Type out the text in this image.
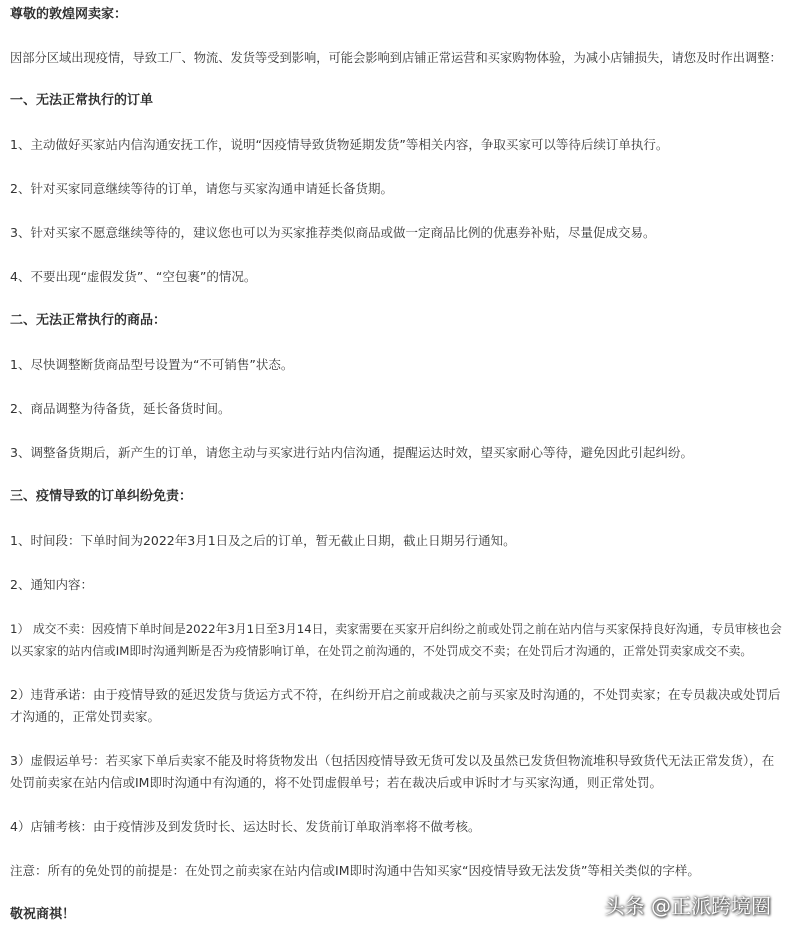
尊敬的敦煌网卖家：
因部分区域出现疫情，导致工厂、物流、发货等受到影响，可能会影响到店铺正常运营和买家购物体验，为减小店铺损失，请您及时作出调整：
一、无法正常执行的订单
1、主动做好买家站内信沟通安抚工作，说明“因疫情导致货物延期发货”等相关内容，争取买家可以等待后续订单执行。
2、针对买家同意继续等待的订单，请您与买家沟通申请延长备货期。
3、针对买家不愿意继续等待的，建议您也可以为买家推荐类似商品或做一定商品比例的优惠券补贴，尽量促成交易。
4、不要出现“虚假发货”、“空包裹”的情况。
二、无法正常执行的商品：
1、尽快调整断货商品型号设置为“不可销售”状态。
2、商品调整为待备货，延长备货时间。
3、调整备货期后，新产生的订单，请您主动与买家进行站内信沟通，提醒运达时效，望买家耐心等待，避免因此引起纠纷。
三、疫情导致的订单纠纷免责：
1、时间段：下单时间为2022年3月1日及之后的订单，暂无截止日期，截止日期另行通知。
2、通知内容：
1） 成交不卖：因疫情下单时间是2022年3月1日至3月14日，卖家需要在买家开启纠纷之前或处罚之前在站内信与买家保持良好沟通，专员审核也会以买家家的站内信或IM即时沟通判断是否为疫情影响订单，在处罚之前沟通的，不处罚成交不卖；在处罚后才沟通的，正常处罚卖家成交不卖。
2）违背承诺：由于疫情导致的延迟发货与货运方式不符，在纠纷开启之前或裁决之前与买家及时沟通的，不处罚卖家；在专员裁决或处罚后才沟通的，正常处罚卖家。
3）虚假运单号：若买家下单后卖家不能及时将货物发出（包括因疫情导致无货可发以及虽然已发货但物流堆积导致货代无法正常发货），在处罚前卖家在站内信或IM即时沟通中有沟通的，将不处罚虚假单号；若在裁决后或申诉时才与买家沟通，则正常处罚。
4）店铺考核：由于疫情涉及到发货时长、运达时长、发货前订单取消率将不做考核。
注意：所有的免处罚的前提是：在处罚之前卖家在站内信或IM即时沟通中告知买家“因疫情导致无法发货”等相关类似的字样。
敬祝商祺！	头条 @正派跨境圈
